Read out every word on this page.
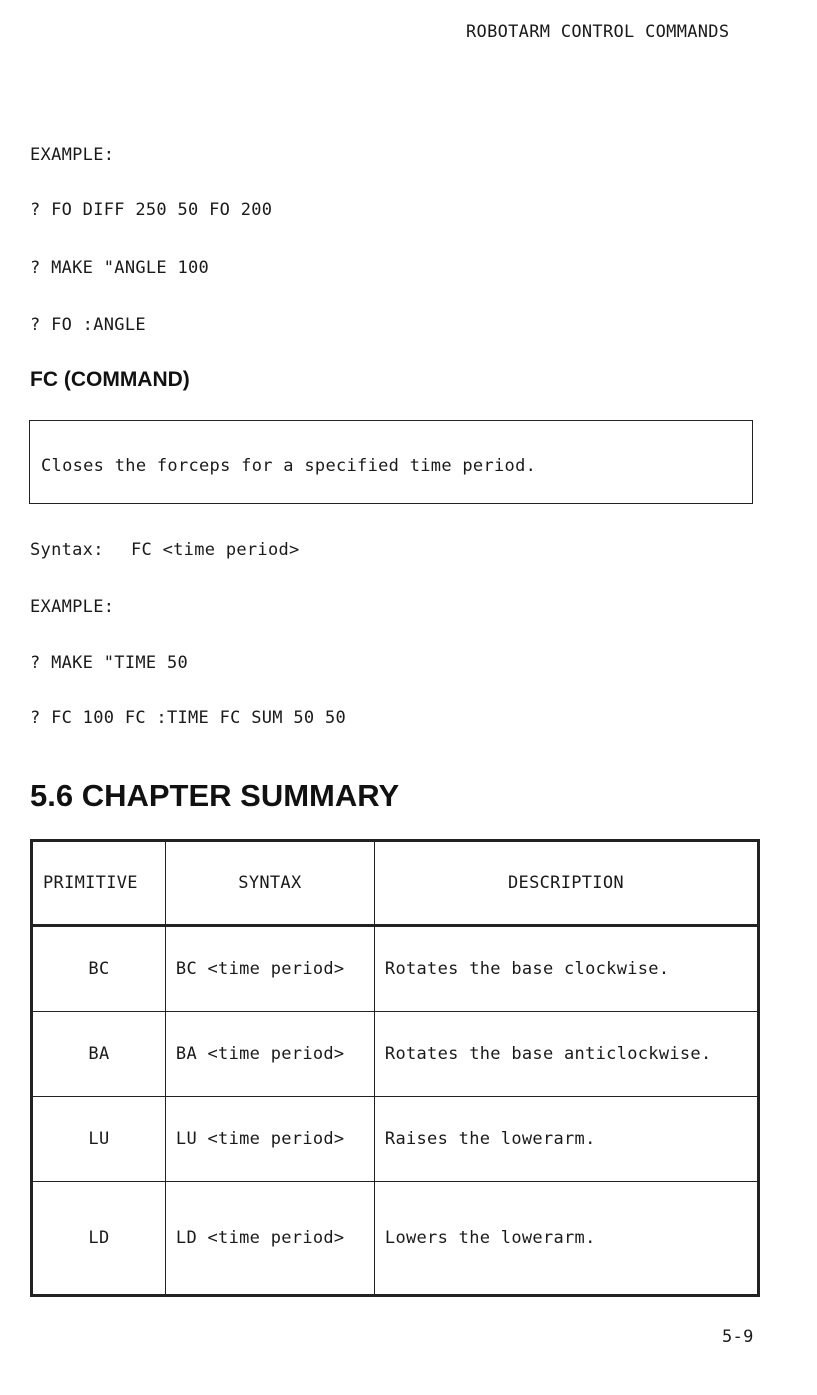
ROBOTARM CONTROL COMMANDS
EXAMPLE:
? FO DIFF 250 50 FO 200
? MAKE "ANGLE 100
? FO :ANGLE
FC (COMMAND)
Closes the forceps for a specified time period.
Syntax: FC <time period>
EXAMPLE:
? MAKE "TIME 50
? FC 100 FC :TIME FC SUM 50 50
5.6 CHAPTER SUMMARY
PRIMITIVE	SYNTAX	DESCRIPTION
BC	BC <time period>	Rotates the base clockwise.
BA	BA <time period>	Rotates the base anticlockwise.
LU	LU <time period>	Raises the lowerarm.
LD	LD <time period>	Lowers the lowerarm.
5-9
